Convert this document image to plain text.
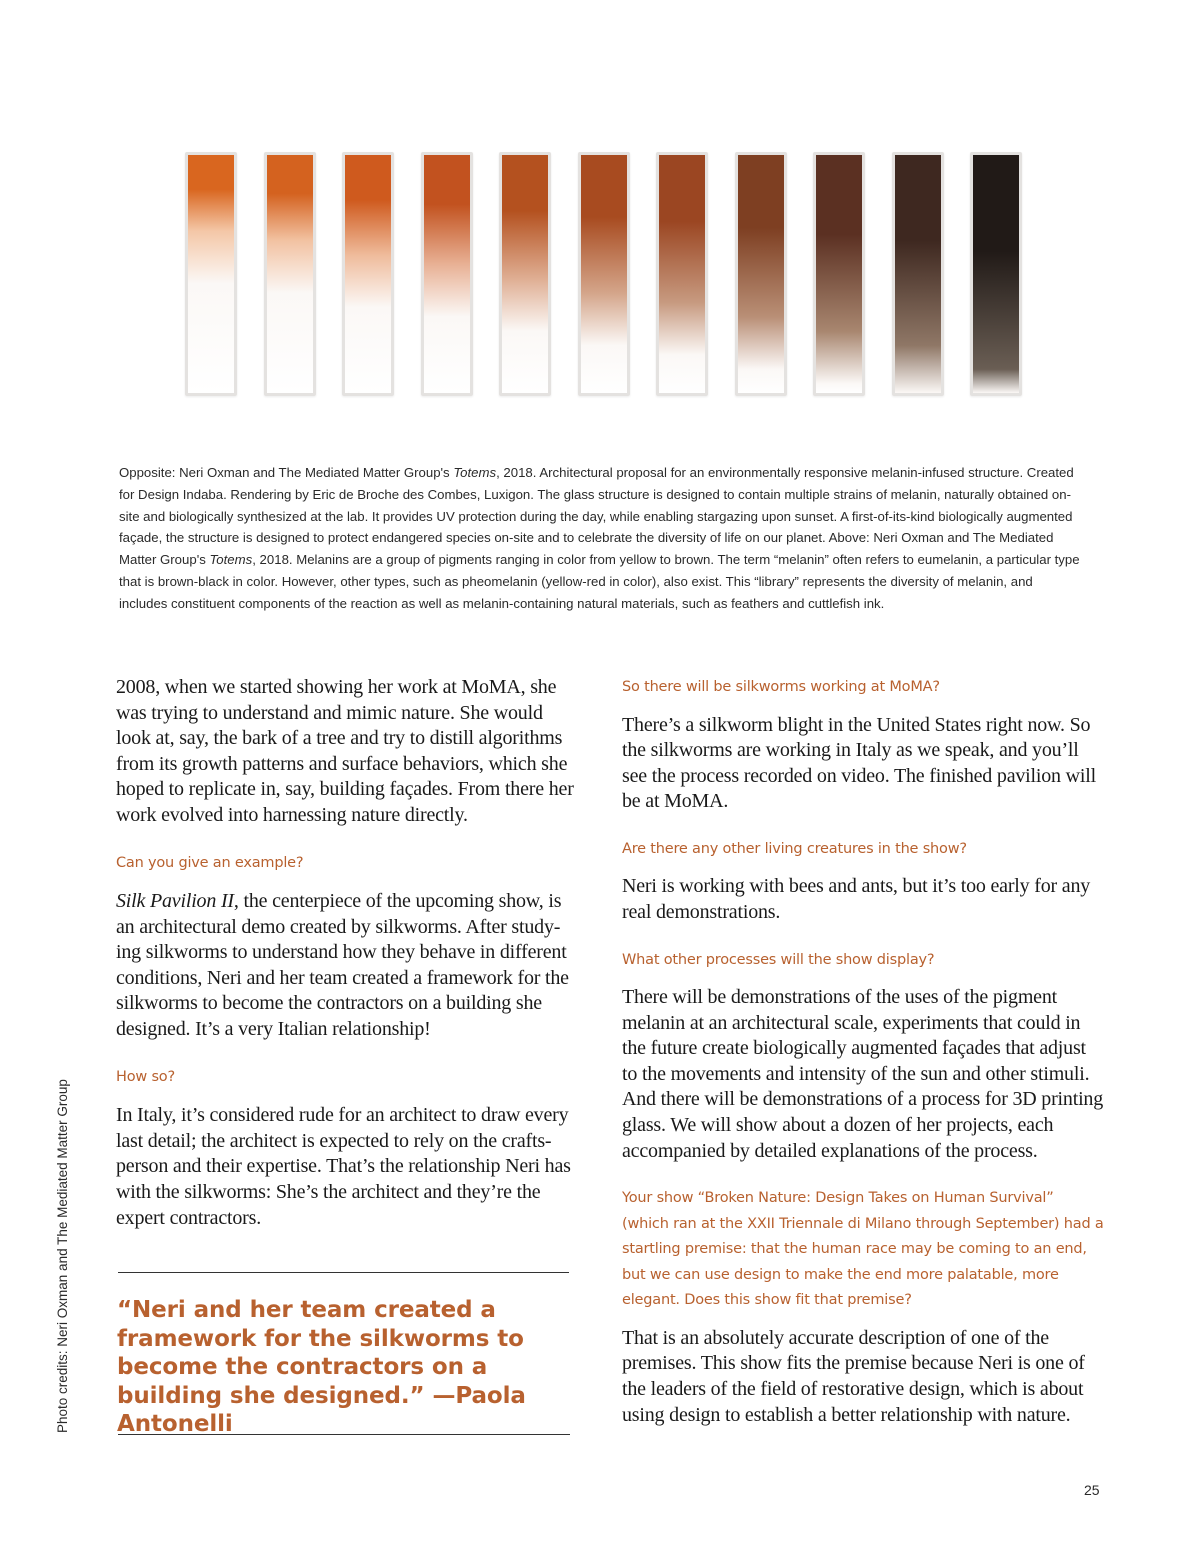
Opposite: Neri Oxman and The Mediated Matter Group's Totems, 2018. Architectural proposal for an environmentally responsive melanin-infused structure. Created for Design Indaba. Rendering by Eric de Broche des Combes, Luxigon. The glass structure is designed to contain multiple strains of melanin, naturally obtained on-site and biologically synthesized at the lab. It provides UV protection during the day, while enabling stargazing upon sunset. A first-of-its-kind biologically augmented façade, the structure is designed to protect endangered species on-site and to celebrate the diversity of life on our planet. Above: Neri Oxman and The Mediated Matter Group's Totems, 2018. Melanins are a group of pigments ranging in color from yellow to brown. The term “melanin” often refers to eumelanin, a particular type that is brown-black in color. However, other types, such as pheomelanin (yellow-red in color), also exist. This “library” represents the diversity of melanin, and includes constituent components of the reaction as well as melanin-containing natural materials, such as feathers and cuttlefish ink.

2008, when we started showing her work at MoMA, she was trying to understand and mimic nature. She would look at, say, the bark of a tree and try to distill algorithms from its growth patterns and surface behaviors, which she hoped to replicate in, say, building façades. From there her work evolved into harnessing nature directly.

Can you give an example?

Silk Pavilion II, the centerpiece of the upcoming show, is an architectural demo created by silkworms. After study-ing silkworms to understand how they behave in different conditions, Neri and her team created a framework for the silkworms to become the contractors on a building she designed. It’s a very Italian relationship!

How so?

In Italy, it’s considered rude for an architect to draw every last detail; the architect is expected to rely on the crafts-person and their expertise. That’s the relationship Neri has with the silkworms: She’s the architect and they’re the expert contractors.

“Neri and her team created a framework for the silkworms to become the contractors on a building she designed.” —Paola Antonelli

So there will be silkworms working at MoMA?

There’s a silkworm blight in the United States right now. So the silkworms are working in Italy as we speak, and you’ll see the process recorded on video. The finished pavilion will be at MoMA.

Are there any other living creatures in the show?

Neri is working with bees and ants, but it’s too early for any real demonstrations.

What other processes will the show display?

There will be demonstrations of the uses of the pigment melanin at an architectural scale, experiments that could in the future create biologically augmented façades that adjust to the movements and intensity of the sun and other stimuli. And there will be demonstrations of a process for 3D printing glass. We will show about a dozen of her projects, each accompanied by detailed explanations of the process.

Your show “Broken Nature: Design Takes on Human Survival” (which ran at the XXII Triennale di Milano through September) had a startling premise: that the human race may be coming to an end, but we can use design to make the end more palatable, more elegant. Does this show fit that premise?

That is an absolutely accurate description of one of the premises. This show fits the premise because Neri is one of the leaders of the field of restorative design, which is about using design to establish a better relationship with nature.

Photo credits: Neri Oxman and The Mediated Matter Group
25
